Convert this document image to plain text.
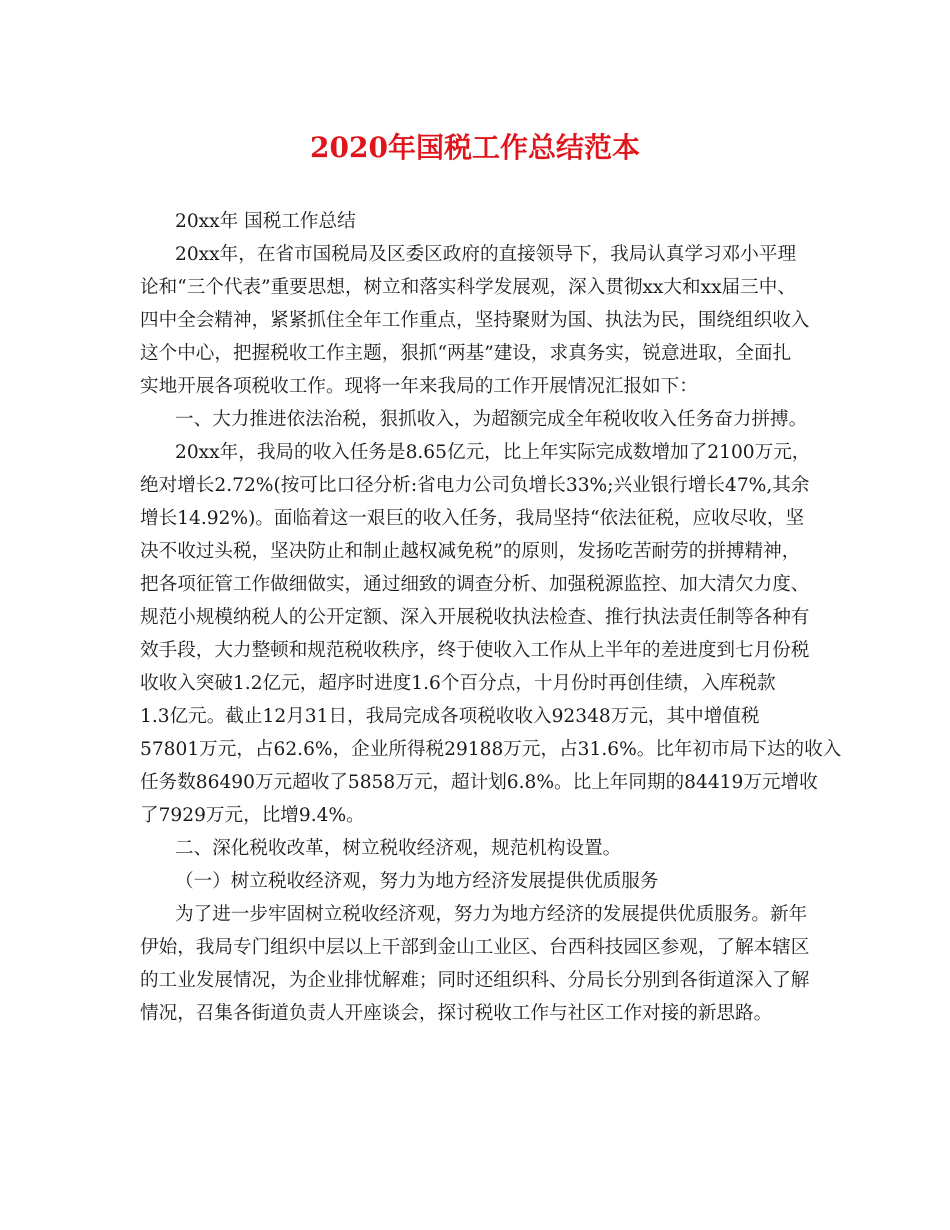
2020年国税工作总结范本
20xx年 国税工作总结
20xx年，在省市国税局及区委区政府的直接领导下，我局认真学习邓小平理
论和“三个代表”重要思想，树立和落实科学发展观，深入贯彻xx大和xx届三中、
四中全会精神，紧紧抓住全年工作重点，坚持聚财为国、执法为民，围绕组织收入
这个中心，把握税收工作主题，狠抓“两基”建设，求真务实，锐意进取，全面扎
实地开展各项税收工作。现将一年来我局的工作开展情况汇报如下：
一、大力推进依法治税，狠抓收入，为超额完成全年税收收入任务奋力拼搏。
20xx年，我局的收入任务是8.65亿元，比上年实际完成数增加了2100万元，
绝对增长2.72%(按可比口径分析:省电力公司负增长33%;兴业银行增长47%,其余
增长14.92%)。面临着这一艰巨的收入任务，我局坚持“依法征税，应收尽收，坚
决不收过头税，坚决防止和制止越权减免税”的原则，发扬吃苦耐劳的拼搏精神，
把各项征管工作做细做实，通过细致的调查分析、加强税源监控、加大清欠力度、
规范小规模纳税人的公开定额、深入开展税收执法检查、推行执法责任制等各种有
效手段，大力整顿和规范税收秩序，终于使收入工作从上半年的差进度到七月份税
收收入突破1.2亿元，超序时进度1.6个百分点，十月份时再创佳绩，入库税款
1.3亿元。截止12月31日，我局完成各项税收收入92348万元，其中增值税
57801万元，占62.6%，企业所得税29188万元，占31.6%。比年初市局下达的收入
任务数86490万元超收了5858万元，超计划6.8%。比上年同期的84419万元增收
了7929万元，比增9.4%。
二、深化税收改革，树立税收经济观，规范机构设置。
（一）树立税收经济观，努力为地方经济发展提供优质服务
为了进一步牢固树立税收经济观，努力为地方经济的发展提供优质服务。新年
伊始，我局专门组织中层以上干部到金山工业区、台西科技园区参观，了解本辖区
的工业发展情况，为企业排忧解难；同时还组织科、分局长分别到各街道深入了解
情况，召集各街道负责人开座谈会，探讨税收工作与社区工作对接的新思路。
